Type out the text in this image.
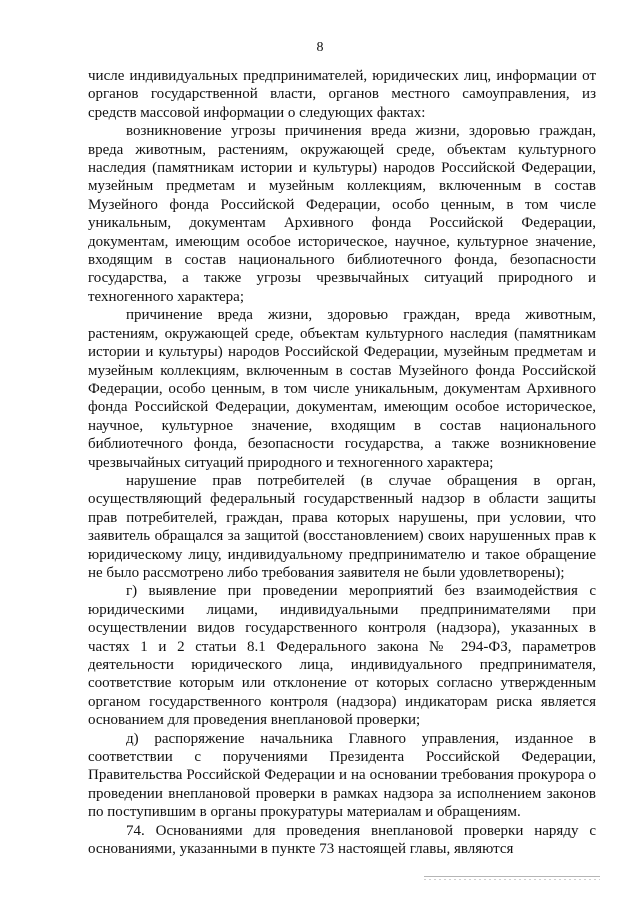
8

числе индивидуальных предпринимателей, юридических лиц, информации от органов государственной власти, органов местного самоуправления, из средств массовой информации о следующих фактах:

возникновение угрозы причинения вреда жизни, здоровью граждан, вреда животным, растениям, окружающей среде, объектам культурного наследия (памятникам истории и культуры) народов Российской Федерации, музейным предметам и музейным коллекциям, включенным в состав Музейного фонда Российской Федерации, особо ценным, в том числе уникальным, документам Архивного фонда Российской Федерации, документам, имеющим особое историческое, научное, культурное значение, входящим в состав национального библиотечного фонда, безопасности государства, а также угрозы чрезвычайных ситуаций природного и техногенного характера;

причинение вреда жизни, здоровью граждан, вреда животным, растениям, окружающей среде, объектам культурного наследия (памятникам истории и культуры) народов Российской Федерации, музейным предметам и музейным коллекциям, включенным в состав Музейного фонда Российской Федерации, особо ценным, в том числе уникальным, документам Архивного фонда Российской Федерации, документам, имеющим особое историческое, научное, культурное значение, входящим в состав национального библиотечного фонда, безопасности государства, а также возникновение чрезвычайных ситуаций природного и техногенного характера;

нарушение прав потребителей (в случае обращения в орган, осуществляющий федеральный государственный надзор в области защиты прав потребителей, граждан, права которых нарушены, при условии, что заявитель обращался за защитой (восстановлением) своих нарушенных прав к юридическому лицу, индивидуальному предпринимателю и такое обращение не было рассмотрено либо требования заявителя не были удовлетворены);

г) выявление при проведении мероприятий без взаимодействия с юридическими лицами, индивидуальными предпринимателями при осуществлении видов государственного контроля (надзора), указанных в частях 1 и 2 статьи 8.1 Федерального закона № 294-ФЗ, параметров деятельности юридического лица, индивидуального предпринимателя, соответствие которым или отклонение от которых согласно утвержденным органом государственного контроля (надзора) индикаторам риска является основанием для проведения внеплановой проверки;

д) распоряжение начальника Главного управления, изданное в соответствии с поручениями Президента Российской Федерации, Правительства Российской Федерации и на основании требования прокурора о проведении внеплановой проверки в рамках надзора за исполнением законов по поступившим в органы прокуратуры материалам и обращениям.

74. Основаниями для проведения внеплановой проверки наряду с основаниями, указанными в пункте 73 настоящей главы, являются
